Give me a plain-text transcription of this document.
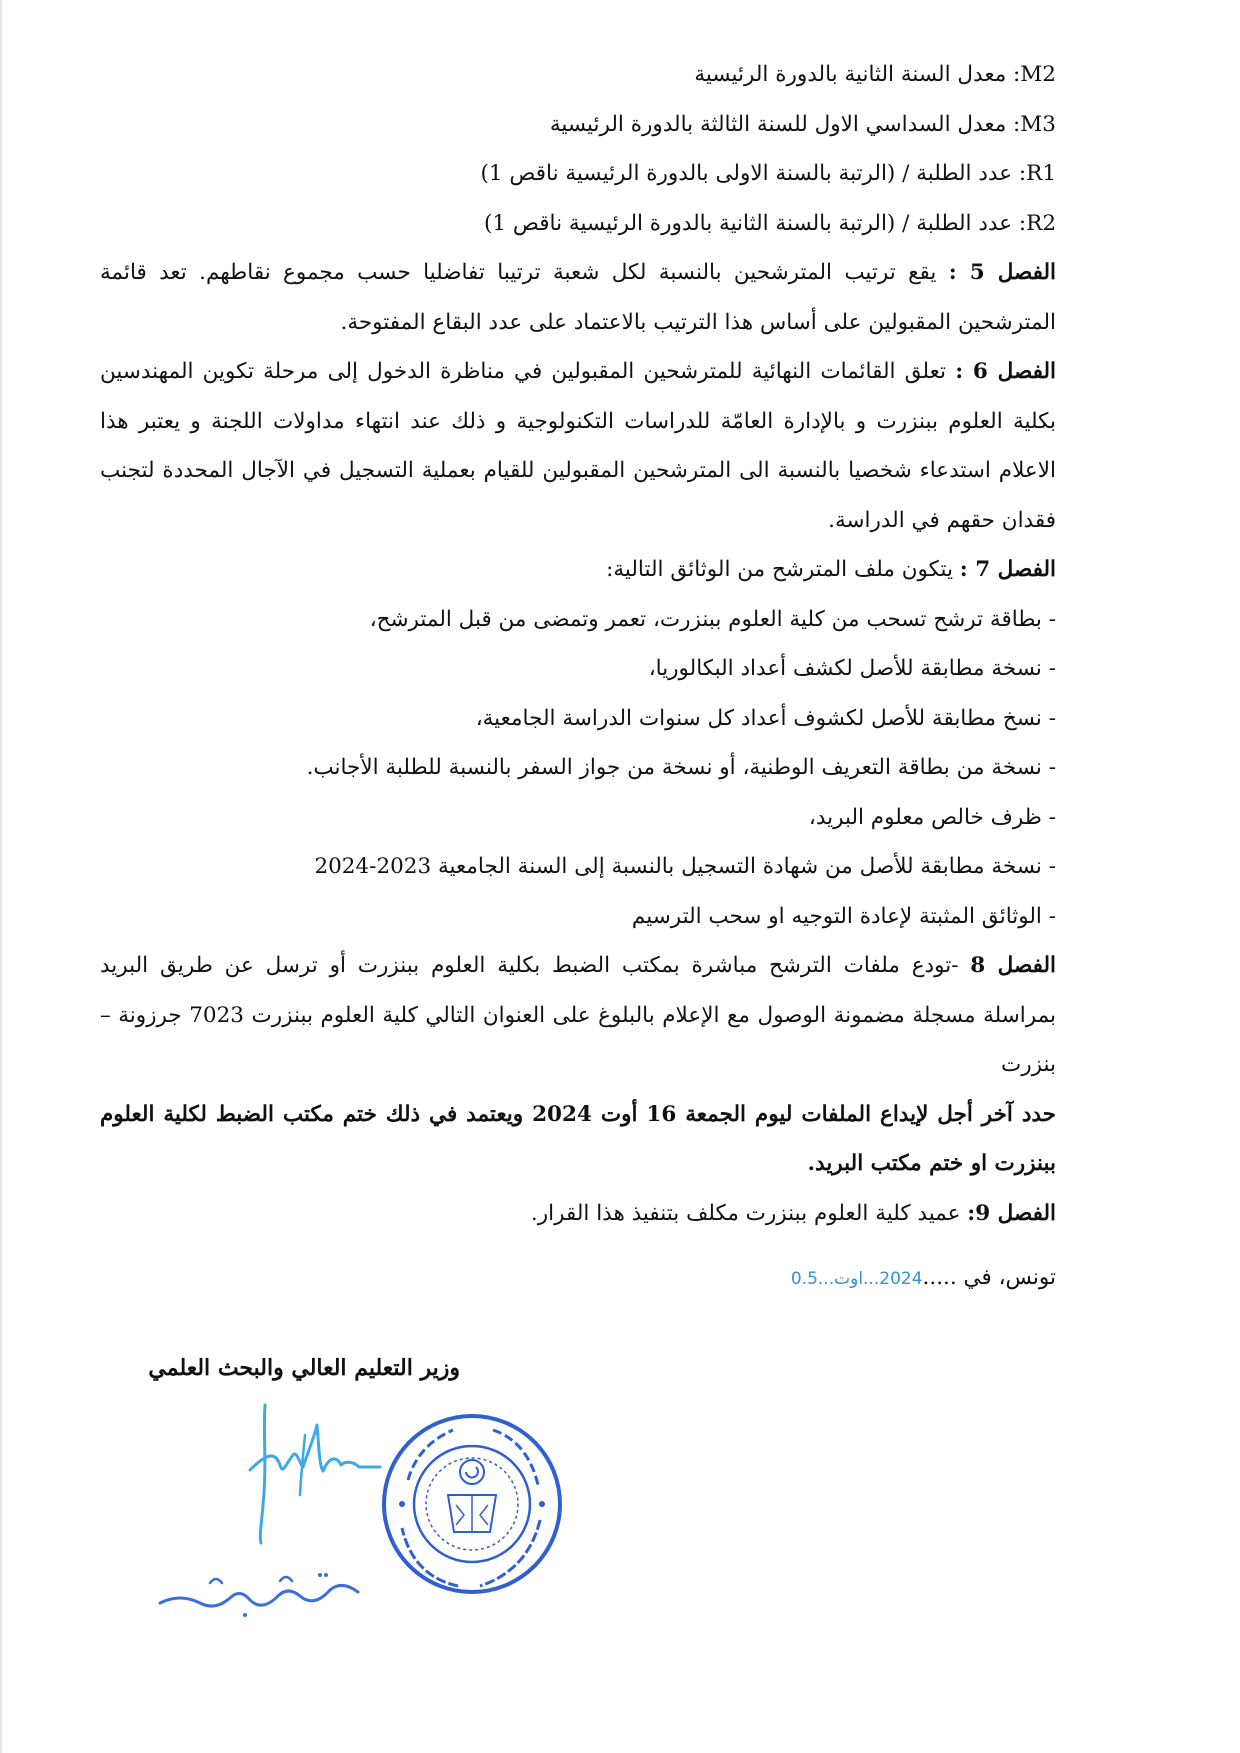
M2: معدل السنة الثانية بالدورة الرئيسية
M3: معدل السداسي الاول للسنة الثالثة بالدورة الرئيسية
R1: عدد الطلبة / (الرتبة بالسنة الاولى بالدورة الرئيسية ناقص 1)
R2: عدد الطلبة / (الرتبة بالسنة الثانية بالدورة الرئيسية ناقص 1)

الفصل 5 : يقع ترتيب المترشحين بالنسبة لكل شعبة ترتيبا تفاضليا حسب مجموع نقاطهم. تعد قائمة المترشحين المقبولين على أساس هذا الترتيب بالاعتماد على عدد البقاع المفتوحة.

الفصل 6 : تعلق القائمات النهائية للمترشحين المقبولين في مناظرة الدخول إلى مرحلة تكوين المهندسين بكلية العلوم ببنزرت و بالإدارة العامّة للدراسات التكنولوجية و ذلك عند انتهاء مداولات اللجنة و يعتبر هذا الاعلام استدعاء شخصيا بالنسبة الى المترشحين المقبولين للقيام بعملية التسجيل في الآجال المحددة لتجنب فقدان حقهم في الدراسة.

الفصل 7 : يتكون ملف المترشح من الوثائق التالية:

- بطاقة ترشح تسحب من كلية العلوم ببنزرت، تعمر وتمضى من قبل المترشح،
- نسخة مطابقة للأصل لكشف أعداد البكالوريا،
- نسخ مطابقة للأصل لكشوف أعداد كل سنوات الدراسة الجامعية،
- نسخة من بطاقة التعريف الوطنية، أو نسخة من جواز السفر بالنسبة للطلبة الأجانب.
- ظرف خالص معلوم البريد،
- نسخة مطابقة للأصل من شهادة التسجيل بالنسبة إلى السنة الجامعية 2023-2024
- الوثائق المثبتة لإعادة التوجيه او سحب الترسيم

الفصل 8 -تودع ملفات الترشح مباشرة بمكتب الضبط بكلية العلوم ببنزرت أو ترسل عن طريق البريد بمراسلة مسجلة مضمونة الوصول مع الإعلام بالبلوغ على العنوان التالي كلية العلوم ببنزرت 7023 جرزونة – بنزرت

حدد آخر أجل لإيداع الملفات ليوم الجمعة 16 أوت 2024 ويعتمد في ذلك ختم مكتب الضبط لكلية العلوم ببنزرت او ختم مكتب البريد.

الفصل 9: عميد كلية العلوم ببنزرت مكلف بتنفيذ هذا القرار.

تونس، في .....2024...اوت...0.5
وزير التعليم العالي والبحث العلمي
